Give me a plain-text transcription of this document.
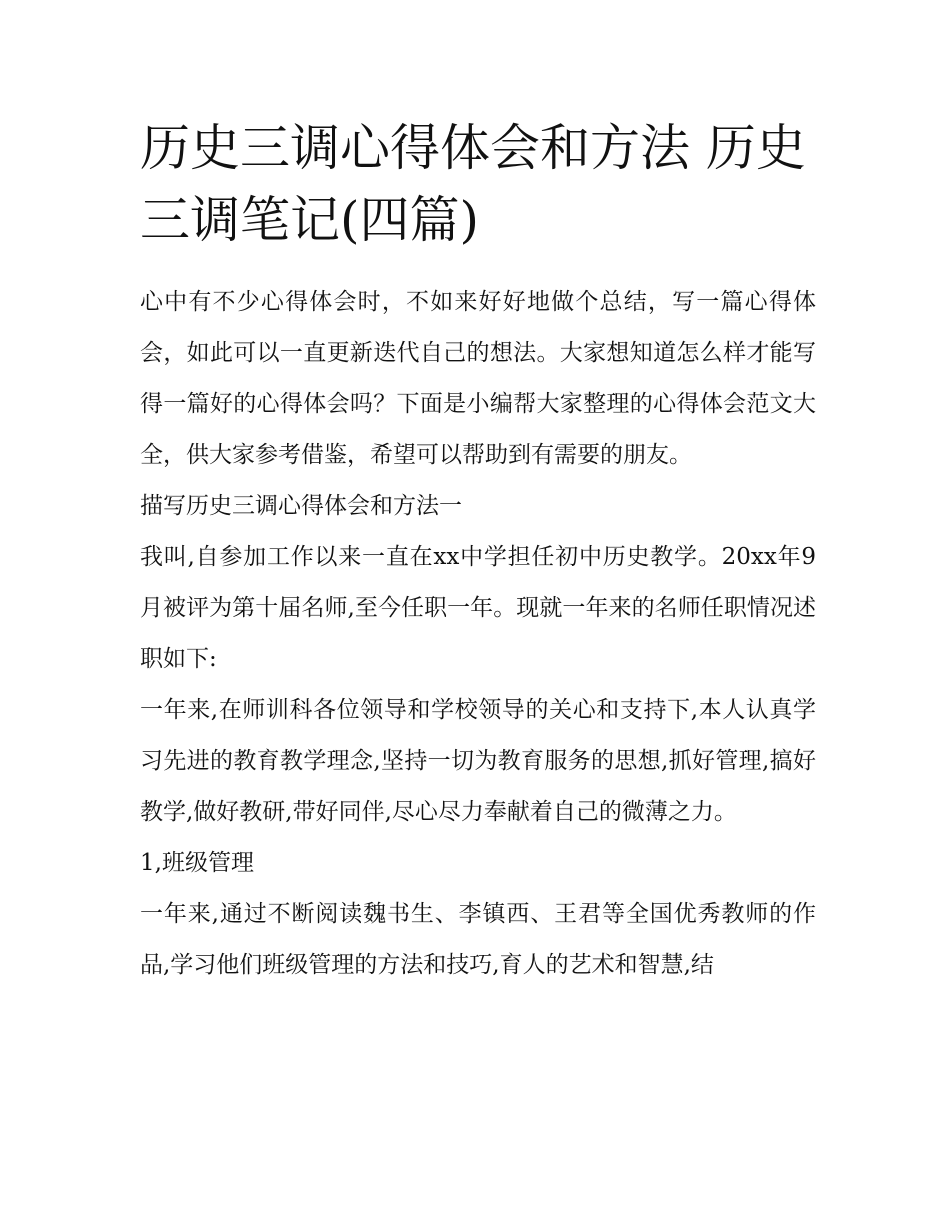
历史三调心得体会和方法 历史三调笔记(四篇)

心中有不少心得体会时，不如来好好地做个总结，写一篇心得体会，如此可以一直更新迭代自己的想法。大家想知道怎么样才能写得一篇好的心得体会吗？下面是小编帮大家整理的心得体会范文大全，供大家参考借鉴，希望可以帮助到有需要的朋友。

描写历史三调心得体会和方法一

我叫,自参加工作以来一直在xx中学担任初中历史教学。20xx年9月被评为第十届名师,至今任职一年。现就一年来的名师任职情况述职如下:

一年来,在师训科各位领导和学校领导的关心和支持下,本人认真学习先进的教育教学理念,坚持一切为教育服务的思想,抓好管理,搞好教学,做好教研,带好同伴,尽心尽力奉献着自己的微薄之力。

1,班级管理

一年来,通过不断阅读魏书生、李镇西、王君等全国优秀教师的作品,学习他们班级管理的方法和技巧,育人的艺术和智慧,结
